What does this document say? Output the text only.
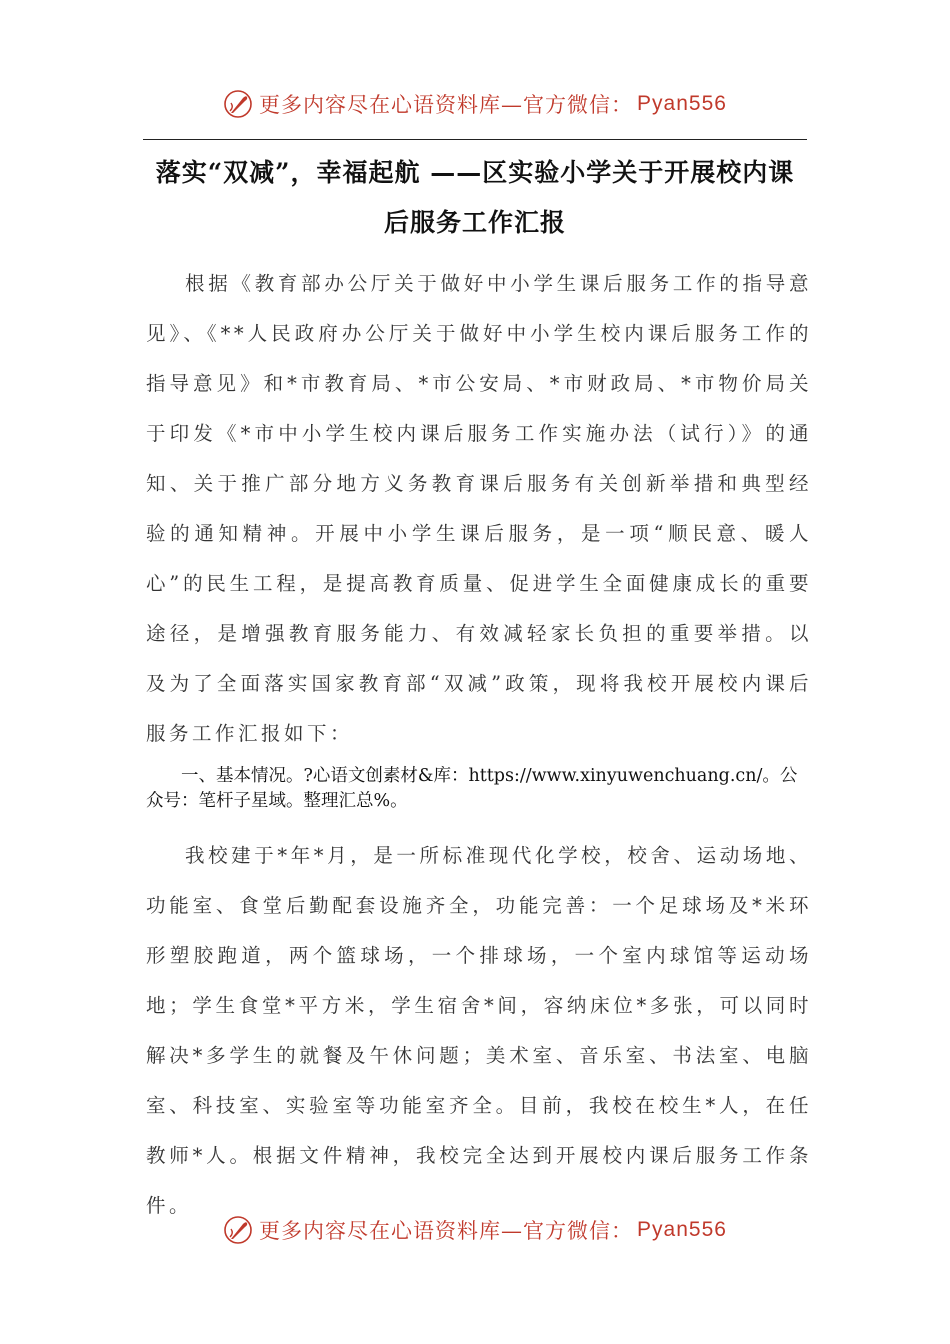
更多内容尽在心语资料库—官方微信： Pyan556
落实“双减”，幸福起航 ——区实验小学关于开展校内课后服务工作汇报

根据《教育部办公厅关于做好中小学生课后服务工作的指导意见》、《**人民政府办公厅关于做好中小学生校内课后服务工作的指导意见》和*市教育局、*市公安局、*市财政局、*市物价局关于印发《*市中小学生校内课后服务工作实施办法（试行）》的通知、关于推广部分地方义务教育课后服务有关创新举措和典型经验的通知精神。开展中小学生课后服务，是一项“顺民意、暖人心”的民生工程，是提高教育质量、促进学生全面健康成长的重要途径，是增强教育服务能力、有效减轻家长负担的重要举措。以及为了全面落实国家教育部“双减”政策，现将我校开展校内课后服务工作汇报如下：

一、基本情况。?心语文创素材&库：https://www.xinyuwenchuang.cn/。公众号：笔杆子星域。整理汇总%。

我校建于*年*月，是一所标准现代化学校，校舍、运动场地、功能室、食堂后勤配套设施齐全，功能完善：一个足球场及*米环形塑胶跑道，两个篮球场，一个排球场，一个室内球馆等运动场地；学生食堂*平方米，学生宿舍*间，容纳床位*多张，可以同时解决*多学生的就餐及午休问题；美术室、音乐室、书法室、电脑室、科技室、实验室等功能室齐全。目前，我校在校生*人，在任教师*人。根据文件精神，我校完全达到开展校内课后服务工作条件。

更多内容尽在心语资料库—官方微信： Pyan556
